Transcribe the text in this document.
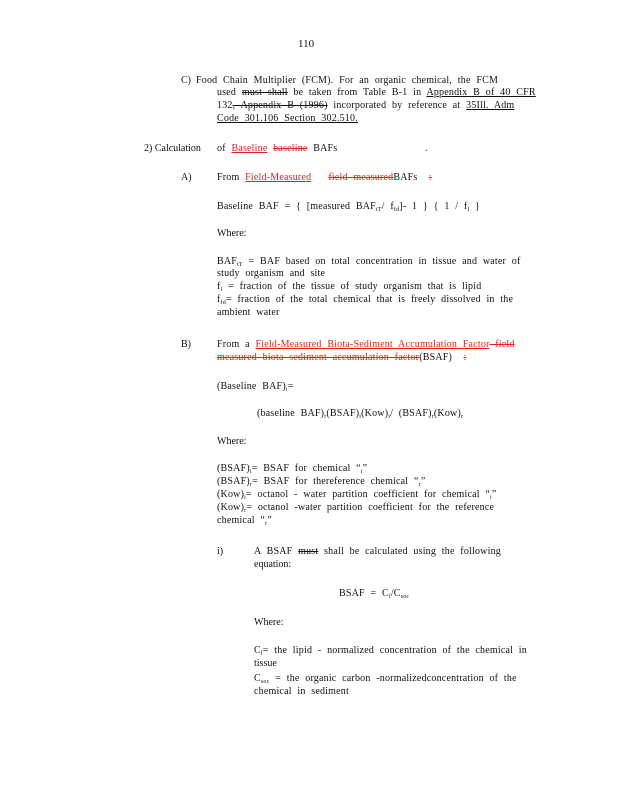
110
C) Food Chain Multiplier (FCM). For an organic chemical, the FCM
used must shall be taken from Table B-1 in Appendix B of 40 CFR
132, Appendix B (1996) incorporated by reference at 35Ill. Adm
Code 301.106 Section 302.510.
2) Calculation of Baseline baseline BAFs	.
A)	From Field-Measured field measuredBAFs :
Baseline BAF = { [measured $BAF_{tT}/$ $f_{fd}]-$ 1 } { $1 / f_l$ }
Where:
$BAF_{tT}$ = BAF based on total concentration in tissue and water of
study organism and site
$f_l$ = fraction of the tissue of study organism that is lipid
$f_{fd}=$ fraction of the total chemical that is freely dissolved in the
ambient water
B)	From a Field-Measured Biota-Sediment Accumulation Factor field
measured biota sediment accumulation factor(BSAF) :
(Baseline $BAF)_i=$
(baseline $BAF)_r(BSAF)_i(Kow)_i/$ $(BSAF)_r(Kow)_r$
Where:
$(BSAF)_i=$ BSAF for chemical “$_i$”
$(BSAF)_r=$ BSAF for thereference chemical “$_r$”
$(Kow)_i=$ octanol - water partition coefficient for chemical “$_i$”
$(Kow)_r=$ octanol -water partition coefficient for the reference
chemical “$_r$”
i)	A BSAF must shall be calculated using the following
equation:
BSAF = $C_l/C_{soc}$
Where:
$C_l=$ the lipid - normalized concentration of the chemical in
tissue
$C_{soc}$ = the organic carbon -normalizedconcentration of the
chemical in sediment
